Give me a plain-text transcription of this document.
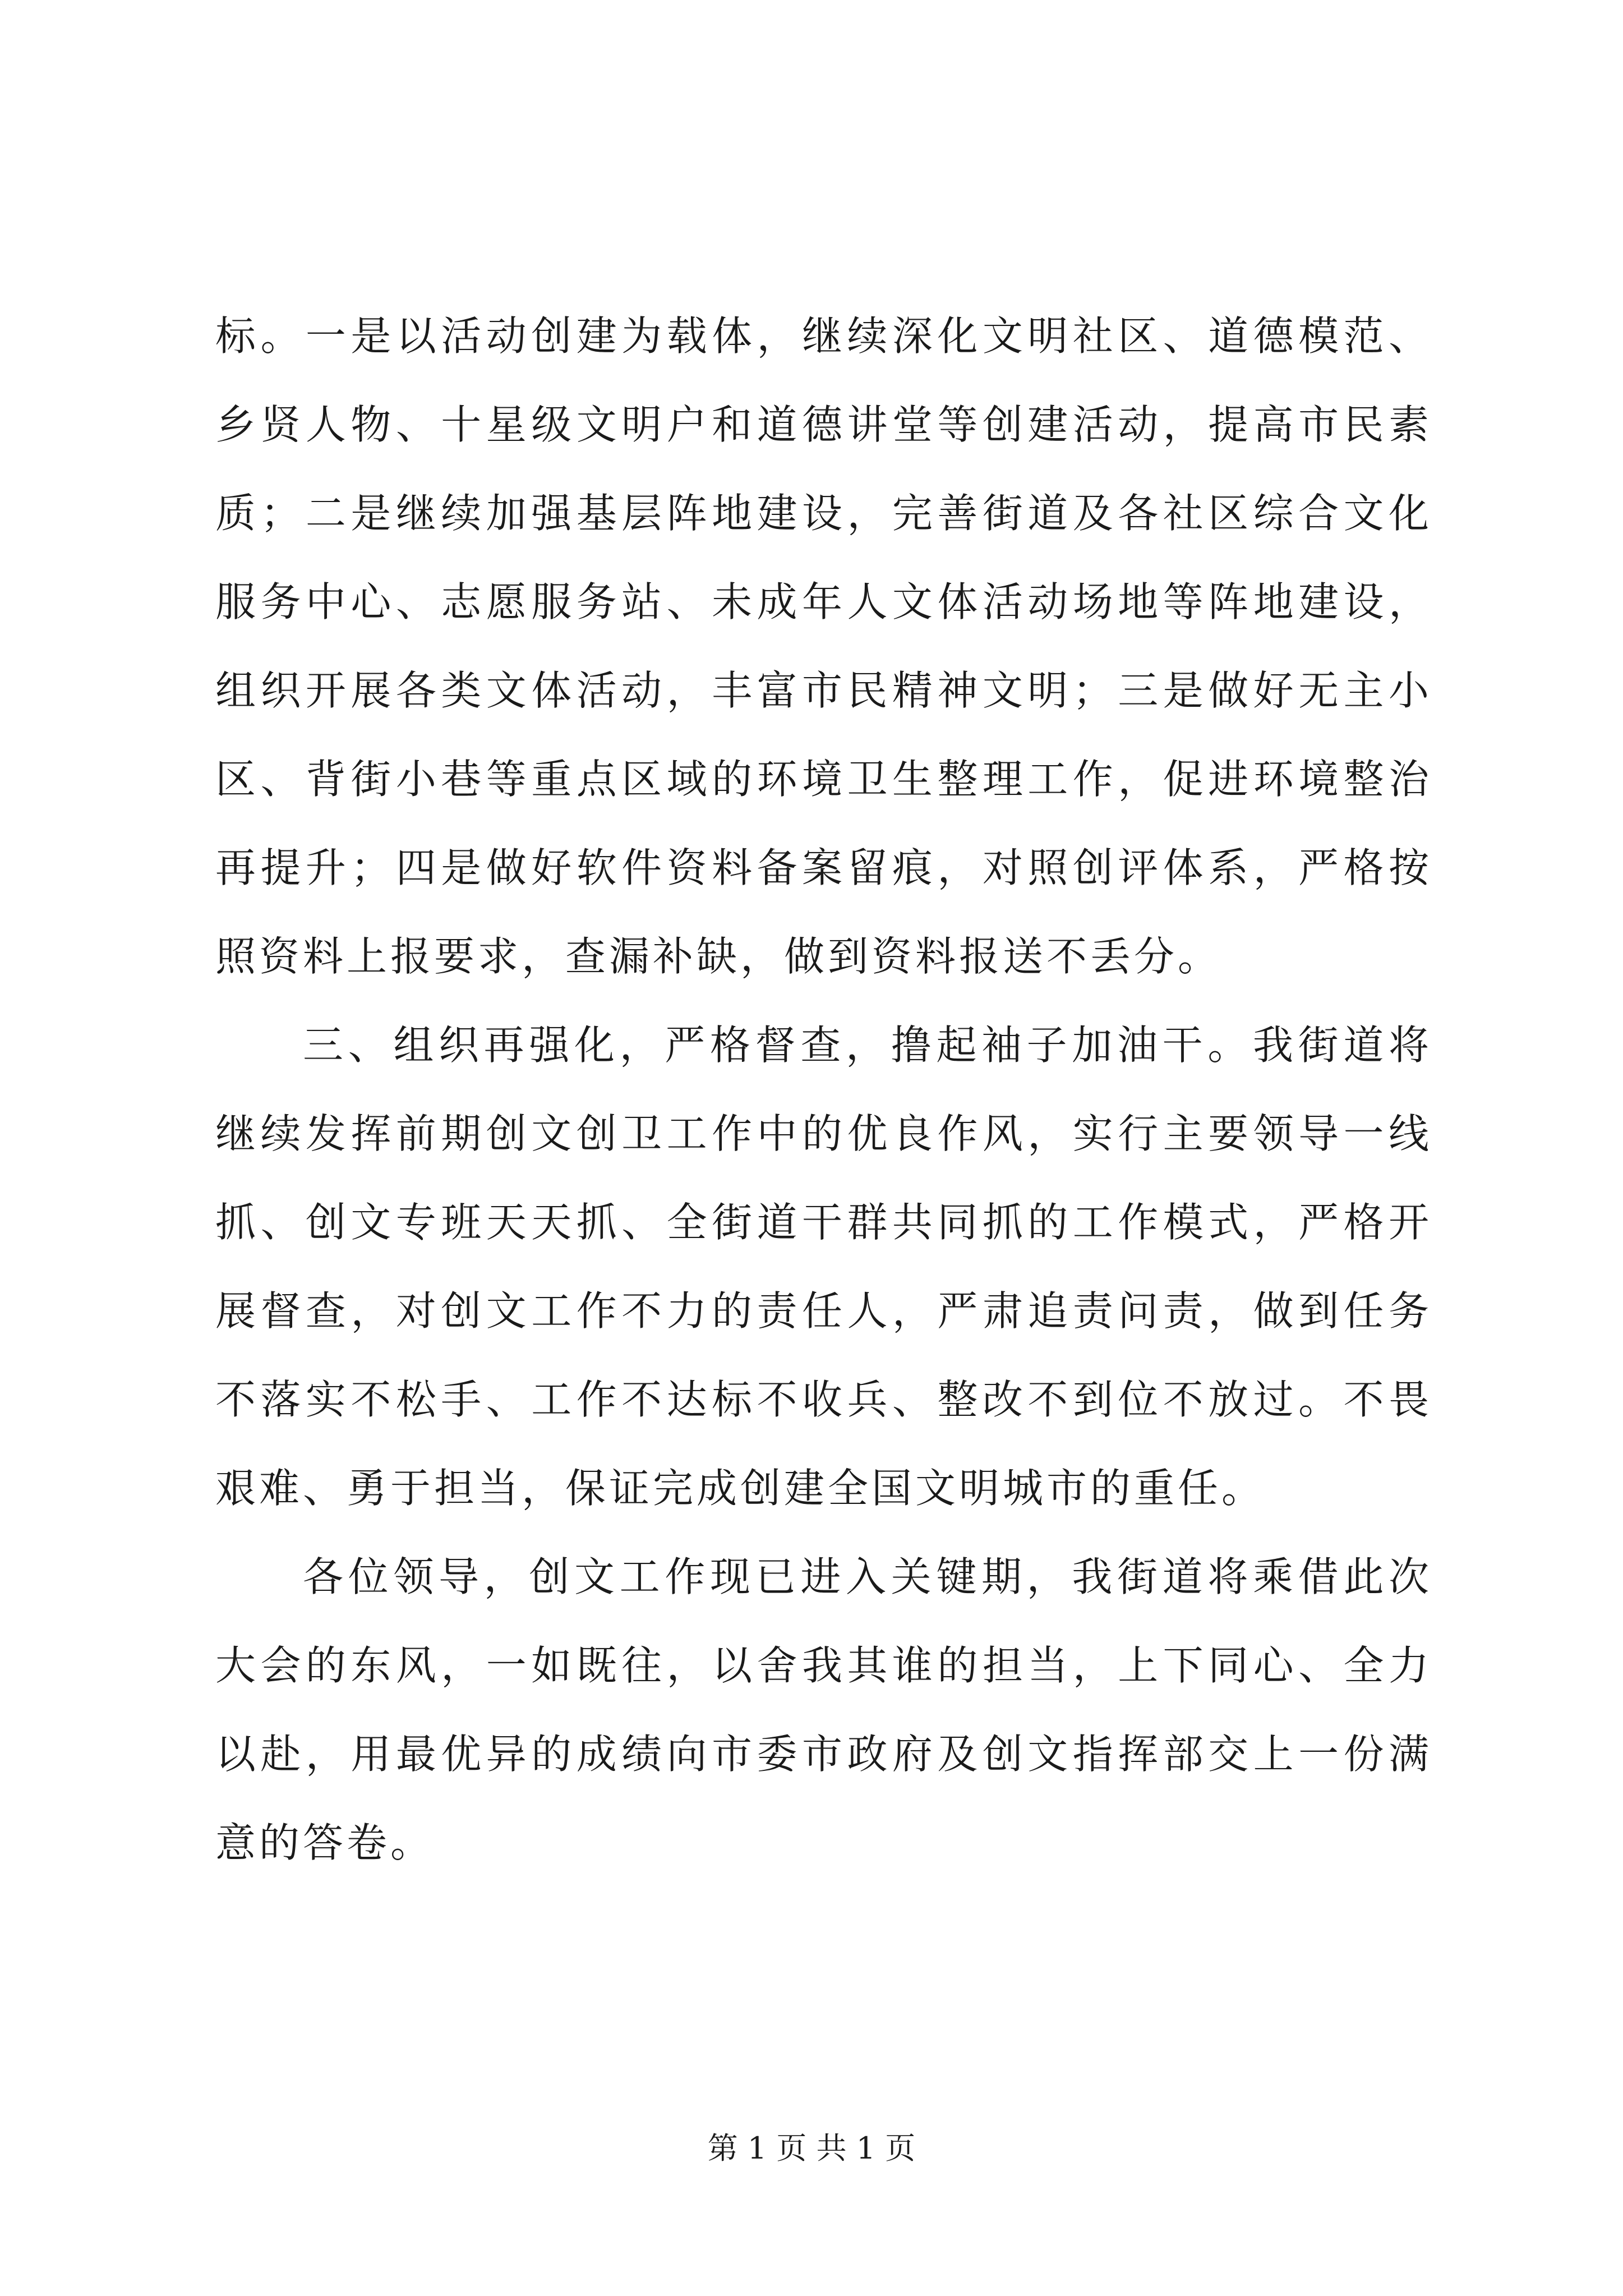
标。一是以活动创建为载体，继续深化文明社区、道德模范、乡贤人物、十星级文明户和道德讲堂等创建活动，提高市民素质；二是继续加强基层阵地建设，完善街道及各社区综合文化服务中心、志愿服务站、未成年人文体活动场地等阵地建设，组织开展各类文体活动，丰富市民精神文明；三是做好无主小区、背街小巷等重点区域的环境卫生整理工作，促进环境整治再提升；四是做好软件资料备案留痕，对照创评体系，严格按照资料上报要求，查漏补缺，做到资料报送不丢分。

三、组织再强化，严格督查，撸起袖子加油干。我街道将继续发挥前期创文创卫工作中的优良作风，实行主要领导一线抓、创文专班天天抓、全街道干群共同抓的工作模式，严格开展督查，对创文工作不力的责任人，严肃追责问责，做到任务不落实不松手、工作不达标不收兵、整改不到位不放过。不畏艰难、勇于担当，保证完成创建全国文明城市的重任。

各位领导，创文工作现已进入关键期，我街道将乘借此次大会的东风，一如既往，以舍我其谁的担当，上下同心、全力以赴，用最优异的成绩向市委市政府及创文指挥部交上一份满意的答卷。

第 1 页 共 1 页
